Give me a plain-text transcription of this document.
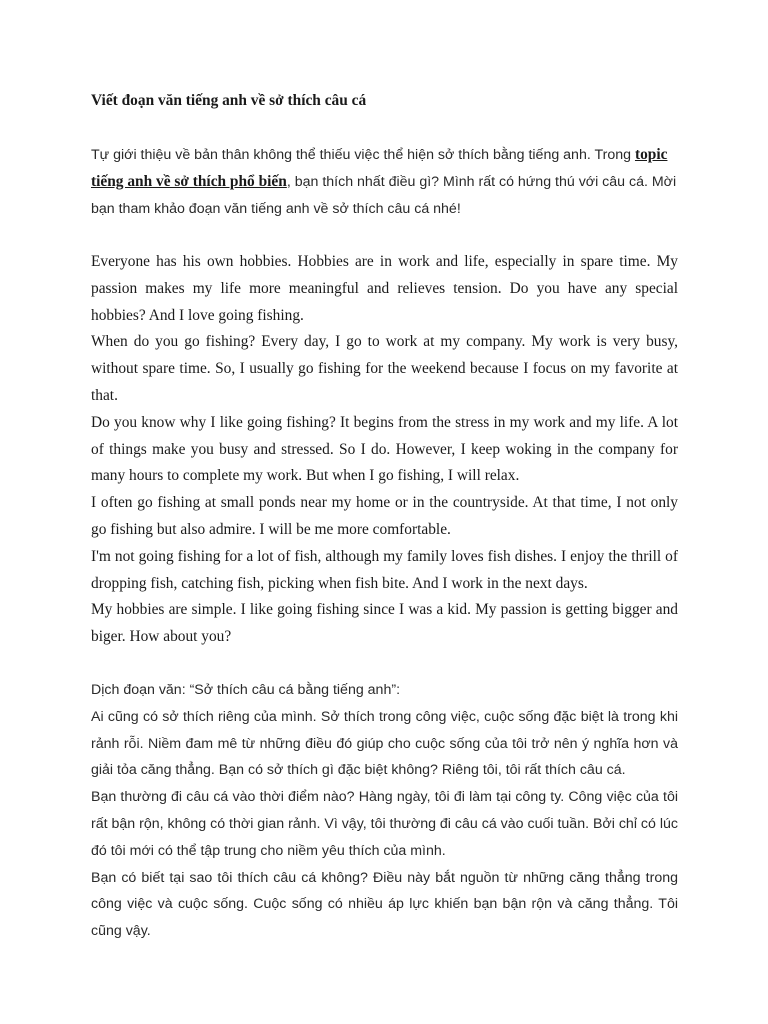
Viết đoạn văn tiếng anh về sở thích câu cá

Tự giới thiệu về bản thân không thể thiếu việc thể hiện sở thích bằng tiếng anh. Trong topic tiếng anh về sở thích phổ biến, bạn thích nhất điều gì? Mình rất có hứng thú với câu cá. Mời bạn tham khảo đoạn văn tiếng anh về sở thích câu cá nhé!

Everyone has his own hobbies. Hobbies are in work and life, especially in spare time. My passion makes my life more meaningful and relieves tension. Do you have any special hobbies? And I love going fishing.

When do you go fishing? Every day, I go to work at my company. My work is very busy, without spare time. So, I usually go fishing for the weekend because I focus on my favorite at that.

Do you know why I like going fishing? It begins from the stress in my work and my life. A lot of things make you busy and stressed. So I do. However, I keep woking in the company for many hours to complete my work. But when I go fishing, I will relax.

I often go fishing at small ponds near my home or in the countryside. At that time, I not only go fishing but also admire. I will be me more comfortable.

I'm not going fishing for a lot of fish, although my family loves fish dishes. I enjoy the thrill of dropping fish, catching fish, picking when fish bite. And I work in the next days.

My hobbies are simple. I like going fishing since I was a kid. My passion is getting bigger and biger. How about you?

Dịch đoạn văn: “Sở thích câu cá bằng tiếng anh”:

Ai cũng có sở thích riêng của mình. Sở thích trong công việc, cuộc sống đặc biệt là trong khi rảnh rỗi. Niềm đam mê từ những điều đó giúp cho cuộc sống của tôi trở nên ý nghĩa hơn và giải tỏa căng thẳng. Bạn có sở thích gì đặc biệt không? Riêng tôi, tôi rất thích câu cá.

Bạn thường đi câu cá vào thời điểm nào? Hàng ngày, tôi đi làm tại công ty. Công việc của tôi rất bận rộn, không có thời gian rảnh. Vì vậy, tôi thường đi câu cá vào cuối tuần. Bởi chỉ có lúc đó tôi mới có thể tập trung cho niềm yêu thích của mình.

Bạn có biết tại sao tôi thích câu cá không? Điều này bắt nguồn từ những căng thẳng trong công việc và cuộc sống. Cuộc sống có nhiều áp lực khiến bạn bận rộn và căng thẳng. Tôi cũng vậy.
